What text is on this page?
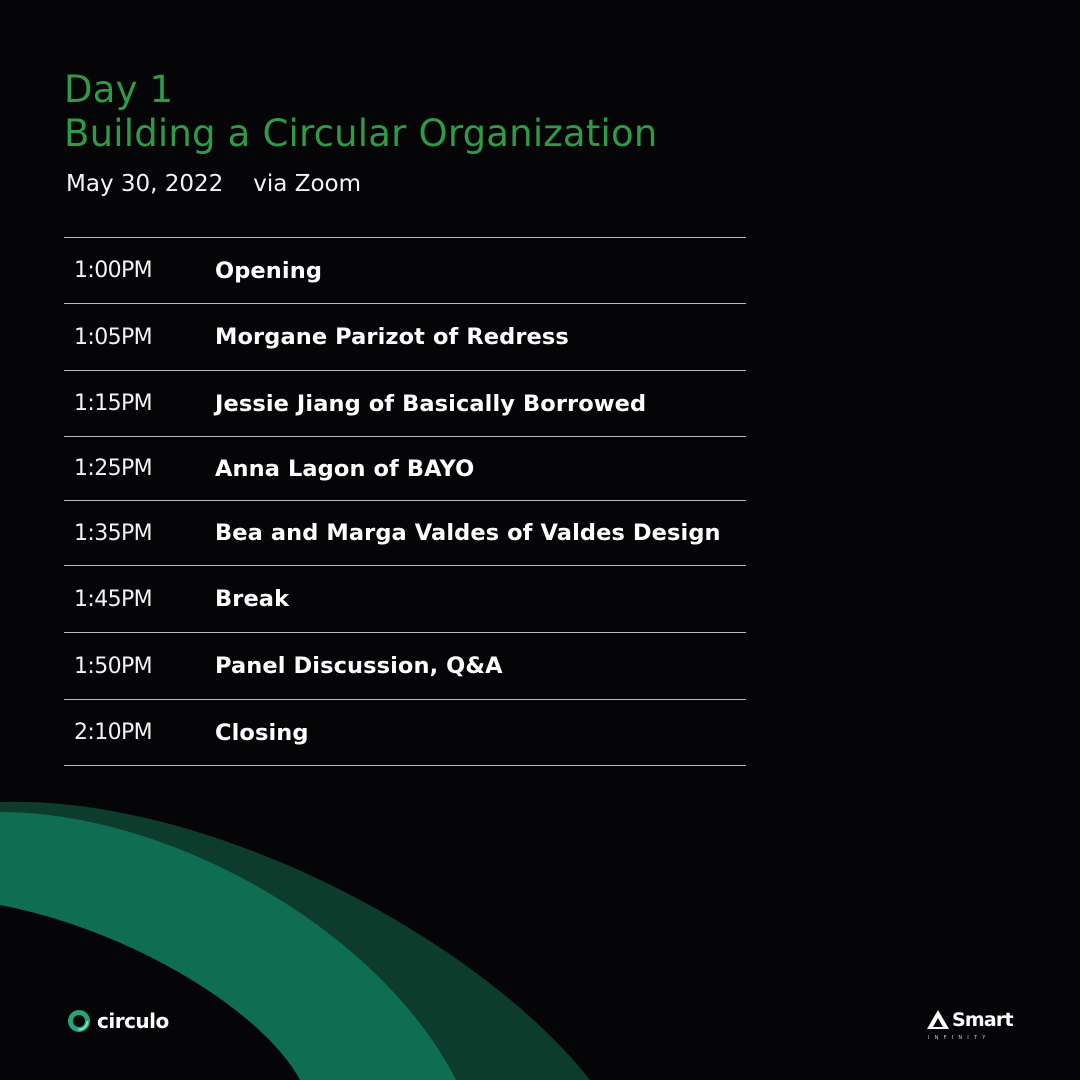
Day 1
Building a Circular Organization
May 30, 2022 via Zoom
1:00PM	Opening
1:05PM	Morgane Parizot of Redress
1:15PM	Jessie Jiang of Basically Borrowed
1:25PM	Anna Lagon of BAYO
1:35PM	Bea and Marga Valdes of Valdes Design
1:45PM	Break
1:50PM	Panel Discussion, Q&A
2:10PM	Closing
circulo	Smart
INFINITY
